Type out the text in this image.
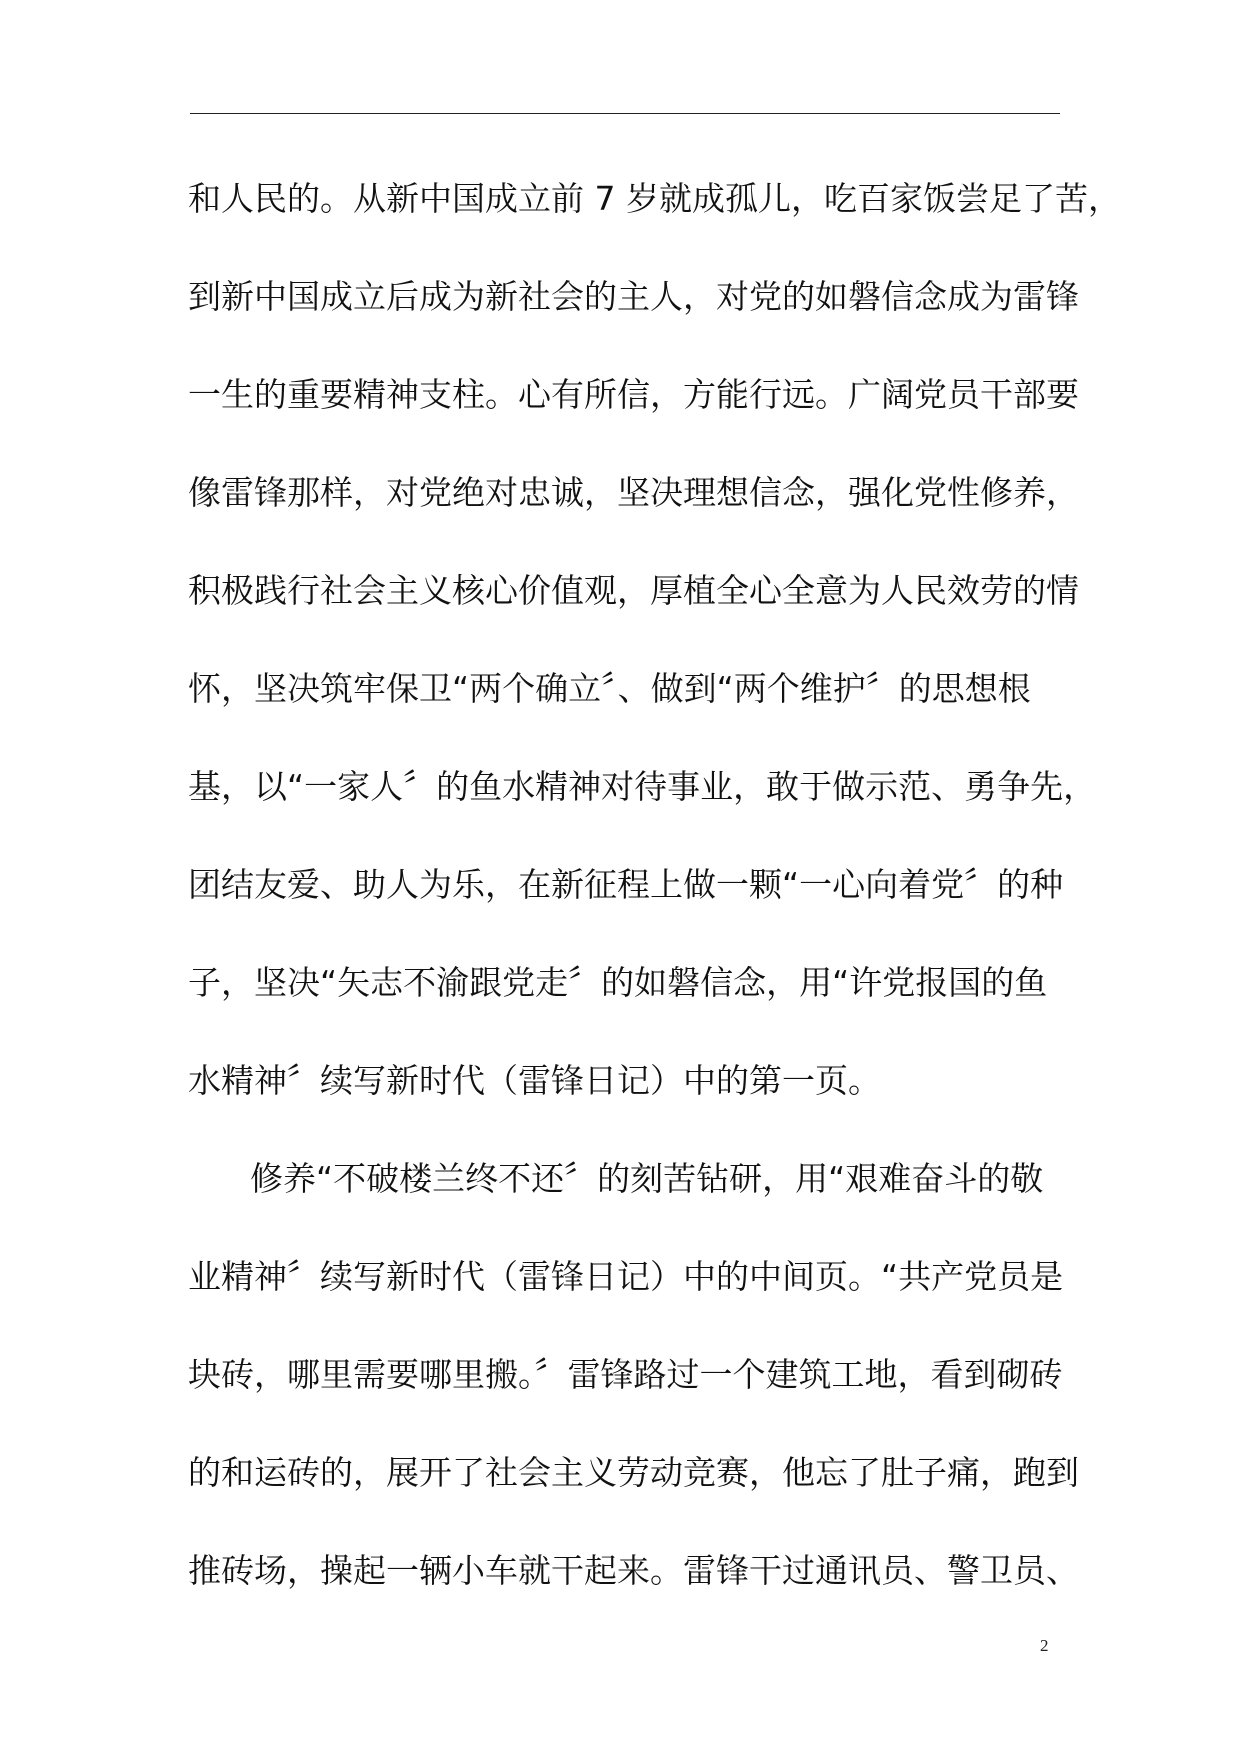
和人民的。从新中国成立前 7 岁就成孤儿，吃百家饭尝足了苦，
到新中国成立后成为新社会的主人，对党的如磐信念成为雷锋
一生的重要精神支柱。心有所信，方能行远。广阔党员干部要
像雷锋那样，对党绝对忠诚，坚决理想信念，强化党性修养，
积极践行社会主义核心价值观，厚植全心全意为人民效劳的情
怀，坚决筑牢保卫“两个确立〞、做到“两个维护〞的思想根
基，以“一家人〞的鱼水精神对待事业，敢于做示范、勇争先，
团结友爱、助人为乐，在新征程上做一颗“一心向着党〞的种
子，坚决“矢志不渝跟党走〞的如磐信念，用“许党报国的鱼
水精神〞续写新时代（雷锋日记）中的第一页。
修养“不破楼兰终不还〞的刻苦钻研，用“艰难奋斗的敬
业精神〞续写新时代（雷锋日记）中的中间页。“共产党员是
块砖，哪里需要哪里搬。〞雷锋路过一个建筑工地，看到砌砖
的和运砖的，展开了社会主义劳动竞赛，他忘了肚子痛，跑到
推砖场，操起一辆小车就干起来。雷锋干过通讯员、警卫员、
2
